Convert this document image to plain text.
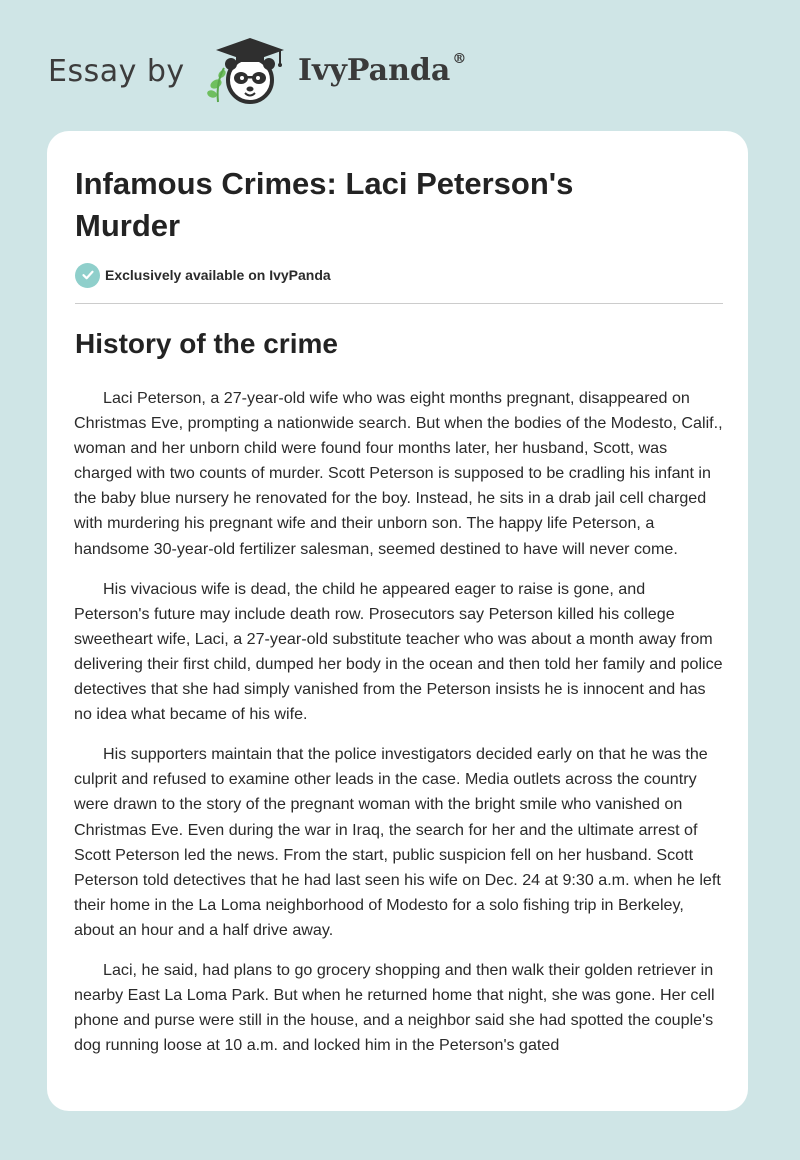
Essay by	IvyPanda ®
Infamous Crimes: Laci Peterson's Murder
Exclusively available on IvyPanda
History of the crime

Laci Peterson, a 27-year-old wife who was eight months pregnant, disappeared on Christmas Eve, prompting a nationwide search. But when the bodies of the Modesto, Calif., woman and her unborn child were found four months later, her husband, Scott, was charged with two counts of murder. Scott Peterson is supposed to be cradling his infant in the baby blue nursery he renovated for the boy. Instead, he sits in a drab jail cell charged with murdering his pregnant wife and their unborn son. The happy life Peterson, a handsome 30-year-old fertilizer salesman, seemed destined to have will never come.

His vivacious wife is dead, the child he appeared eager to raise is gone, and Peterson's future may include death row. Prosecutors say Peterson killed his college sweetheart wife, Laci, a 27-year-old substitute teacher who was about a month away from delivering their first child, dumped her body in the ocean and then told her family and police detectives that she had simply vanished from the Peterson insists he is innocent and has no idea what became of his wife.

His supporters maintain that the police investigators decided early on that he was the culprit and refused to examine other leads in the case. Media outlets across the country were drawn to the story of the pregnant woman with the bright smile who vanished on Christmas Eve. Even during the war in Iraq, the search for her and the ultimate arrest of Scott Peterson led the news. From the start, public suspicion fell on her husband. Scott Peterson told detectives that he had last seen his wife on Dec. 24 at 9:30 a.m. when he left their home in the La Loma neighborhood of Modesto for a solo fishing trip in Berkeley, about an hour and a half drive away.

Laci, he said, had plans to go grocery shopping and then walk their golden retriever in nearby East La Loma Park. But when he returned home that night, she was gone. Her cell phone and purse were still in the house, and a neighbor said she had spotted the couple's dog running loose at 10 a.m. and locked him in the Peterson's gated
